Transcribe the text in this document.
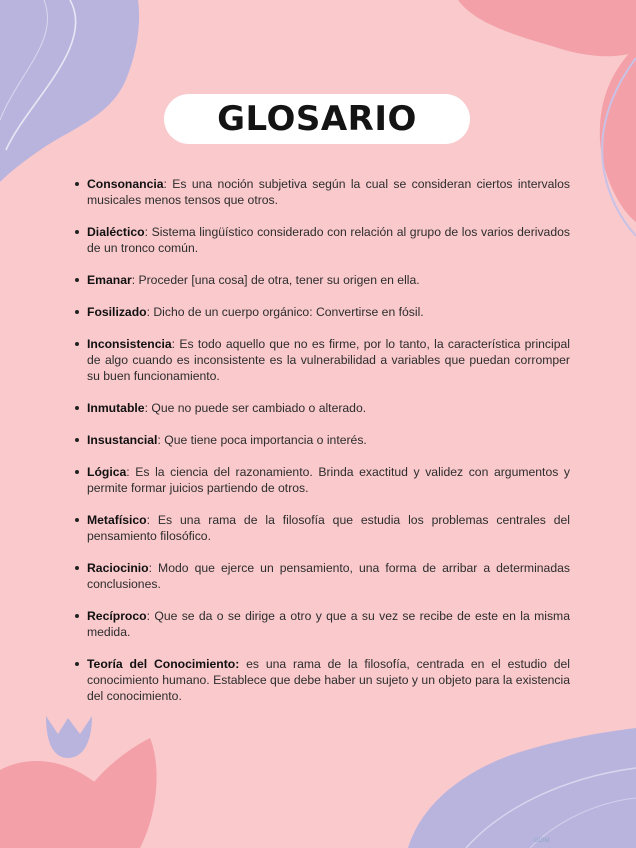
GLOSARIO
Consonancia: Es una noción subjetiva según la cual se consideran ciertos intervalos musicales menos tensos que otros.
Dialéctico: Sistema lingüístico considerado con relación al grupo de los varios derivados de un tronco común.
Emanar: Proceder [una cosa] de otra, tener su origen en ella.
Fosilizado: Dicho de un cuerpo orgánico: Convertirse en fósil.
Inconsistencia: Es todo aquello que no es firme, por lo tanto, la característica principal de algo cuando es inconsistente es la vulnerabilidad a variables que puedan corromper su buen funcionamiento.
Inmutable: Que no puede ser cambiado o alterado.
Insustancial: Que tiene poca importancia o interés.
Lógica: Es la ciencia del razonamiento. Brinda exactitud y validez con argumentos y permite formar juicios partiendo de otros.
Metafísico: Es una rama de la filosofía que estudia los problemas centrales del pensamiento filosófico.
Raciocinio: Modo que ejerce un pensamiento, una forma de arribar a determinadas conclusiones.
Recíproco: Que se da o se dirige a otro y que a su vez se recibe de este en la misma medida.
Teoría del Conocimiento: es una rama de la filosofía, centrada en el estudio del conocimiento humano. Establece que debe haber un sujeto y un objeto para la existencia del conocimiento.
GDIM
